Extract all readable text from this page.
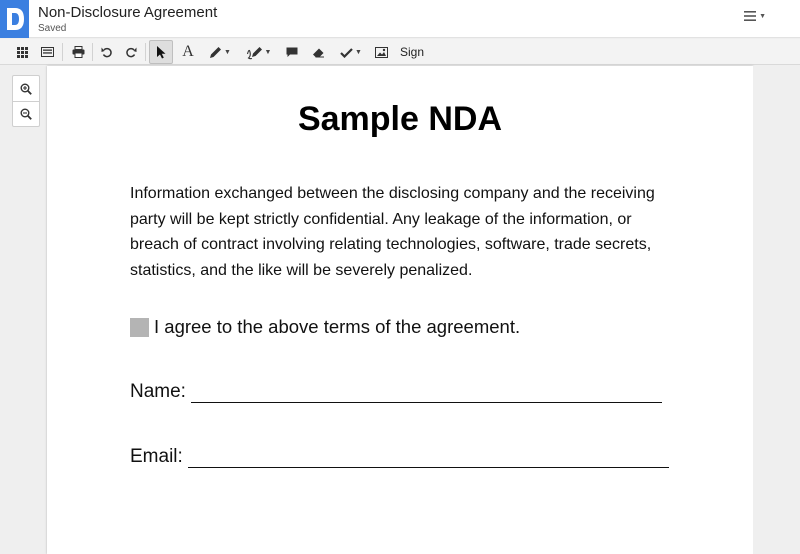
Non-Disclosure Agreement
Saved
▼
A	▼	▼	▼	Sign
Sample NDA
Information exchanged between the disclosing company and the receiving
party will be kept strictly confidential. Any leakage of the information, or
breach of contract involving relating technologies, software, trade secrets,
statistics, and the like will be severely penalized.
I agree to the above terms of the agreement.
Name:
Email:
